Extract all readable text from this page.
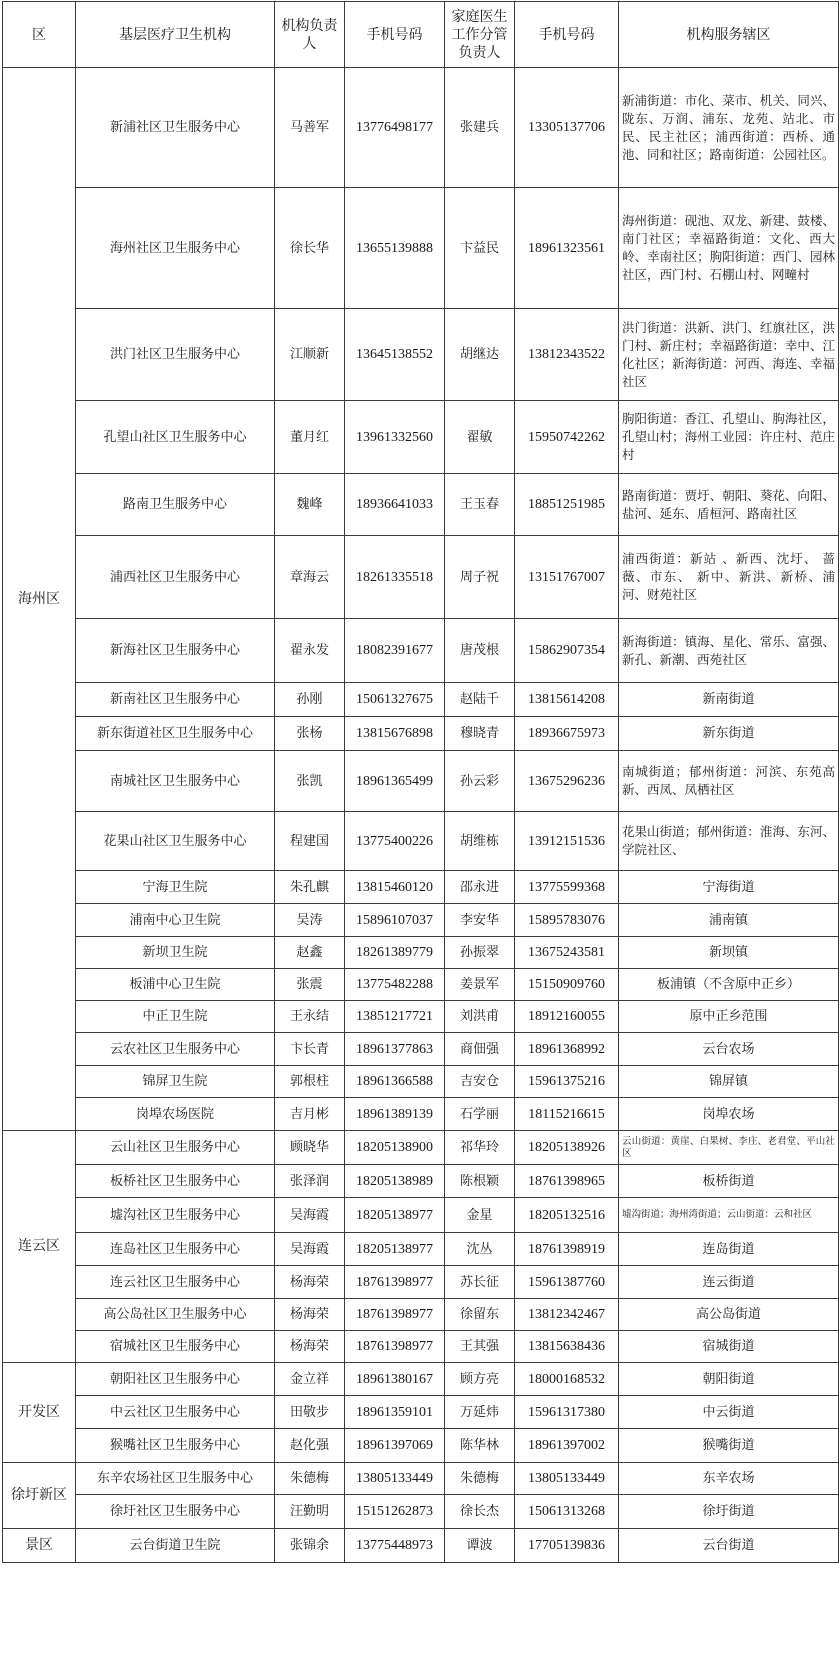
区	基层医疗卫生机构	机构负责人	手机号码	家庭医生工作分管负责人	手机号码	机构服务辖区
海州区	新浦社区卫生服务中心	马善军	13776498177	张建兵	13305137706	新浦街道：市化、菜市、机关、同兴、陇东、万润、浦东、龙苑、站北、市民、民主社区；浦西街道：西桥、通池、同和社区；路南街道：公园社区。
	海州社区卫生服务中心	徐长华	13655139888	卞益民	18961323561	海州街道：砚池、双龙、新建、鼓楼、南门社区；幸福路街道：文化、西大岭、幸南社区；朐阳街道：西门、园林社区，西门村、石棚山村、网疃村
	洪门社区卫生服务中心	江顺新	13645138552	胡继达	13812343522	洪门街道：洪新、洪门、红旗社区，洪门村、新庄村；幸福路街道：幸中、江化社区；新海街道：河西、海连、幸福社区
	孔望山社区卫生服务中心	董月红	13961332560	翟敏	15950742262	朐阳街道：香江、孔望山、朐海社区，孔望山村；海州工业园：许庄村、范庄村
	路南卫生服务中心	魏峰	18936641033	王玉春	18851251985	路南街道：贾圩、朝阳、葵花、向阳、盐河、延东、盾桓河、路南社区
	浦西社区卫生服务中心	章海云	18261335518	周子祝	13151767007	浦西街道：新站 、新西、沈圩、 蔷薇、市东、 新中、新洪、新桥、浦河、财苑社区
	新海社区卫生服务中心	翟永发	18082391677	唐茂根	15862907354	新海街道：镇海、星化、常乐、富强、新孔、新潮、西苑社区
	新南社区卫生服务中心	孙刚	15061327675	赵陆千	13815614208	新南街道
	新东街道社区卫生服务中心	张杨	13815676898	穆晓青	18936675973	新东街道
	南城社区卫生服务中心	张凯	18961365499	孙云彩	13675296236	南城街道；郁州街道：河滨、东苑高新、西凤、凤栖社区
	花果山社区卫生服务中心	程建国	13775400226	胡维栋	13912151536	花果山街道；郁州街道：淮海、东河、学院社区、
	宁海卫生院	朱孔麒	13815460120	邵永进	13775599368	宁海街道
	浦南中心卫生院	吴涛	15896107037	李安华	15895783076	浦南镇
	新坝卫生院	赵鑫	18261389779	孙振翠	13675243581	新坝镇
	板浦中心卫生院	张震	13775482288	姜景军	15150909760	板浦镇（不含原中正乡）
	中正卫生院	王永结	13851217721	刘洪甫	18912160055	原中正乡范围
	云农社区卫生服务中心	卞长青	18961377863	商佃强	18961368992	云台农场
	锦屏卫生院	郭根柱	18961366588	吉安仓	15961375216	锦屏镇
	岗埠农场医院	吉月彬	18961389139	石学丽	18115216615	岗埠农场
连云区	云山社区卫生服务中心	顾晓华	18205138900	祁华玲	18205138926	云山街道：黄崖、白果树、李庄、老君堂、平山社区
	板桥社区卫生服务中心	张泽润	18205138989	陈根颖	18761398965	板桥街道
	墟沟社区卫生服务中心	吴海霞	18205138977	金星	18205132516	墟沟街道；海州湾街道；云山街道：云和社区
	连岛社区卫生服务中心	吴海霞	18205138977	沈丛	18761398919	连岛街道
	连云社区卫生服务中心	杨海荣	18761398977	苏长征	15961387760	连云街道
	高公岛社区卫生服务中心	杨海荣	18761398977	徐留东	13812342467	高公岛街道
	宿城社区卫生服务中心	杨海荣	18761398977	王其强	13815638436	宿城街道
开发区	朝阳社区卫生服务中心	金立祥	18961380167	顾方亮	18000168532	朝阳街道
	中云社区卫生服务中心	田敬步	18961359101	万延炜	15961317380	中云街道
	猴嘴社区卫生服务中心	赵化强	18961397069	陈华林	18961397002	猴嘴街道
徐圩新区	东辛农场社区卫生服务中心	朱德梅	13805133449	朱德梅	13805133449	东辛农场
	徐圩社区卫生服务中心	汪勤明	15151262873	徐长杰	15061313268	徐圩街道
景区	云台街道卫生院	张锦余	13775448973	谭波	17705139836	云台街道
